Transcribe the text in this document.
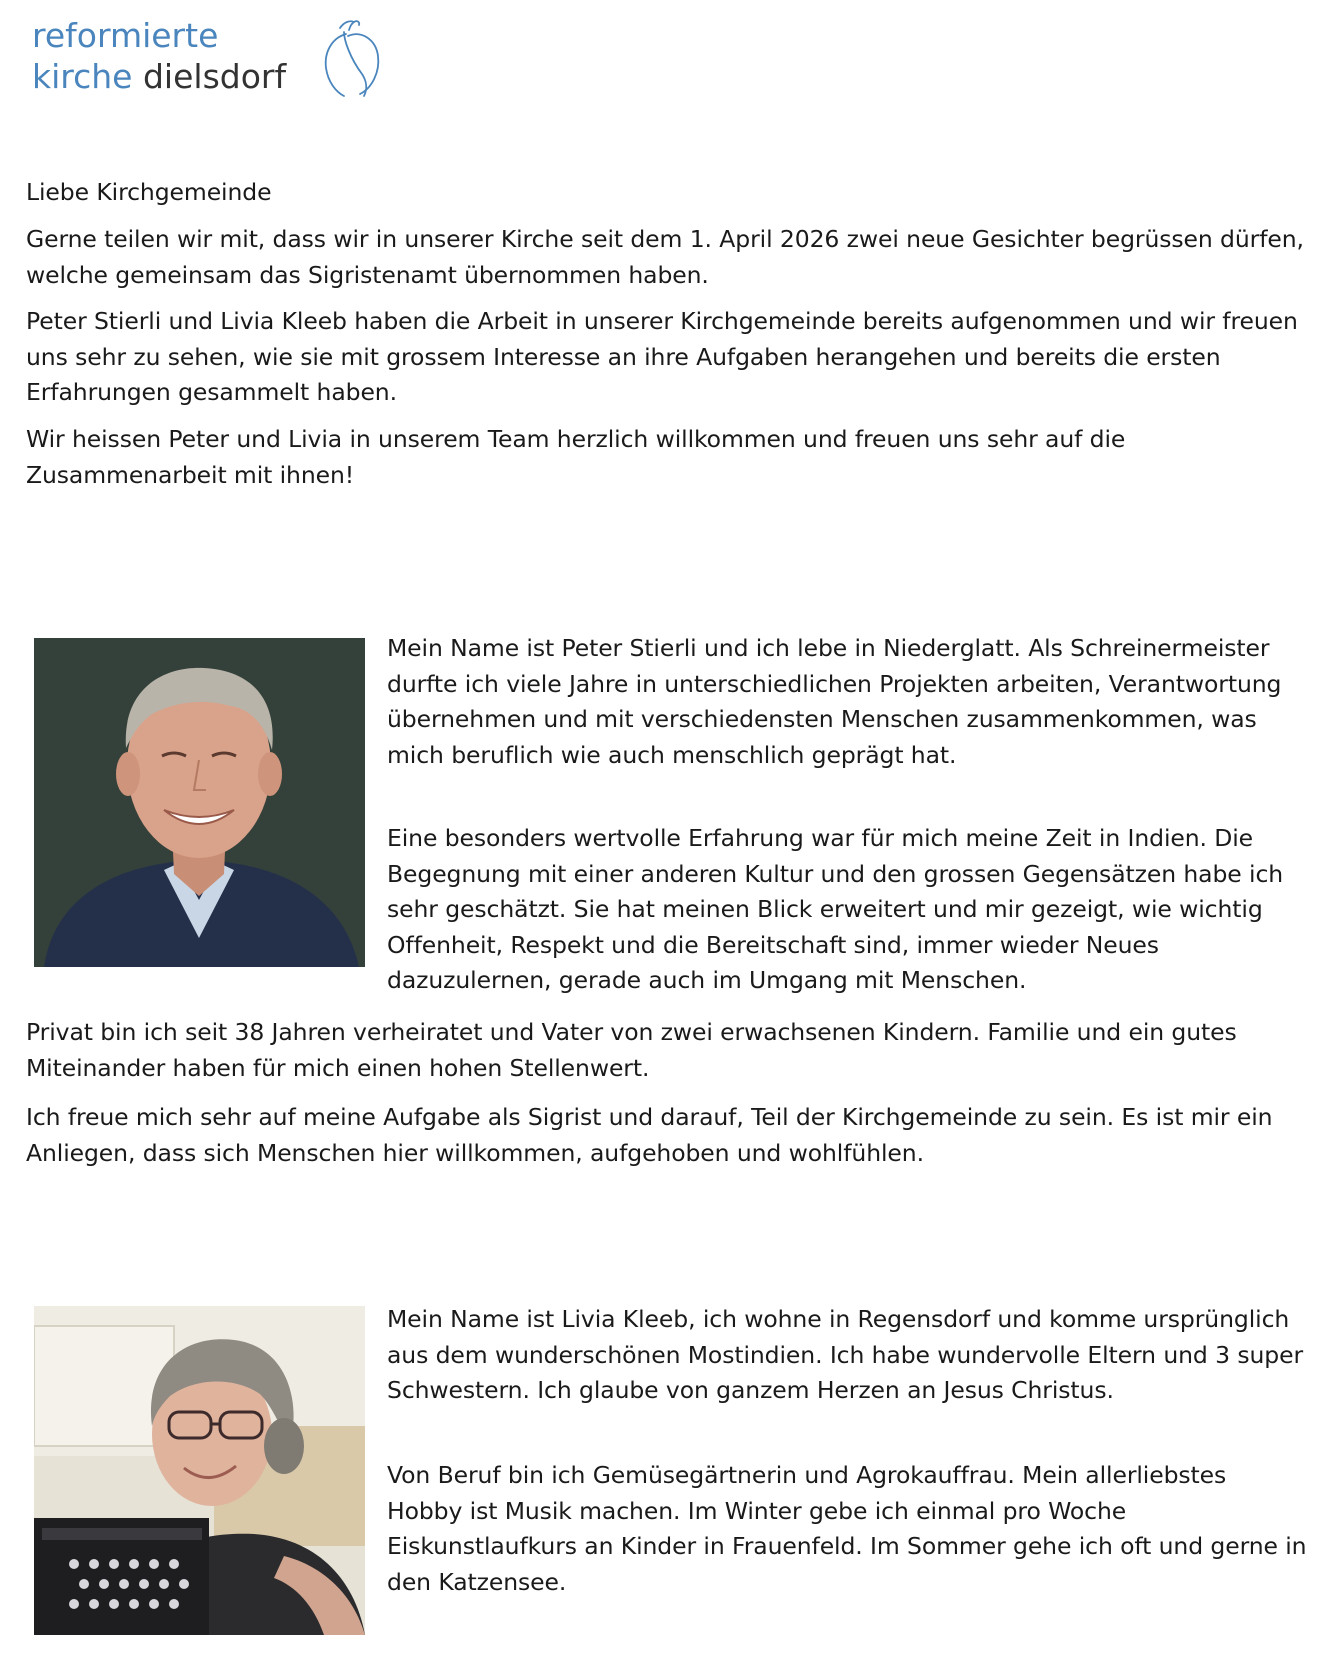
reformierte
kirche dielsdorf

Liebe Kirchgemeinde

Gerne teilen wir mit, dass wir in unserer Kirche seit dem 1. April 2026 zwei neue Gesichter begrüssen dürfen, welche gemeinsam das Sigristenamt übernommen haben.

Peter Stierli und Livia Kleeb haben die Arbeit in unserer Kirchgemeinde bereits aufgenommen und wir freuen uns sehr zu sehen, wie sie mit grossem Interesse an ihre Aufgaben herangehen und bereits die ersten Erfahrungen gesammelt haben.

Wir heissen Peter und Livia in unserem Team herzlich willkommen und freuen uns sehr auf die Zusammenarbeit mit ihnen!

Mein Name ist Peter Stierli und ich lebe in Niederglatt. Als Schreinermeister durfte ich viele Jahre in unterschiedlichen Projekten arbeiten, Verantwortung übernehmen und mit verschiedensten Menschen zusammenkommen, was mich beruflich wie auch menschlich geprägt hat.

Eine besonders wertvolle Erfahrung war für mich meine Zeit in Indien. Die Begegnung mit einer anderen Kultur und den grossen Gegensätzen habe ich sehr geschätzt. Sie hat meinen Blick erweitert und mir gezeigt, wie wichtig Offenheit, Respekt und die Bereitschaft sind, immer wieder Neues dazuzulernen, gerade auch im Umgang mit Menschen.

Privat bin ich seit 38 Jahren verheiratet und Vater von zwei erwachsenen Kindern. Familie und ein gutes Miteinander haben für mich einen hohen Stellenwert.

Ich freue mich sehr auf meine Aufgabe als Sigrist und darauf, Teil der Kirchgemeinde zu sein. Es ist mir ein Anliegen, dass sich Menschen hier willkommen, aufgehoben und wohlfühlen.

Mein Name ist Livia Kleeb, ich wohne in Regensdorf und komme ursprünglich aus dem wunderschönen Mostindien. Ich habe wundervolle Eltern und 3 super Schwestern. Ich glaube von ganzem Herzen an Jesus Christus.

Von Beruf bin ich Gemüsegärtnerin und Agrokauffrau. Mein allerliebstes Hobby ist Musik machen. Im Winter gebe ich einmal pro Woche Eiskunstlaufkurs an Kinder in Frauenfeld. Im Sommer gehe ich oft und gerne in den Katzensee.
